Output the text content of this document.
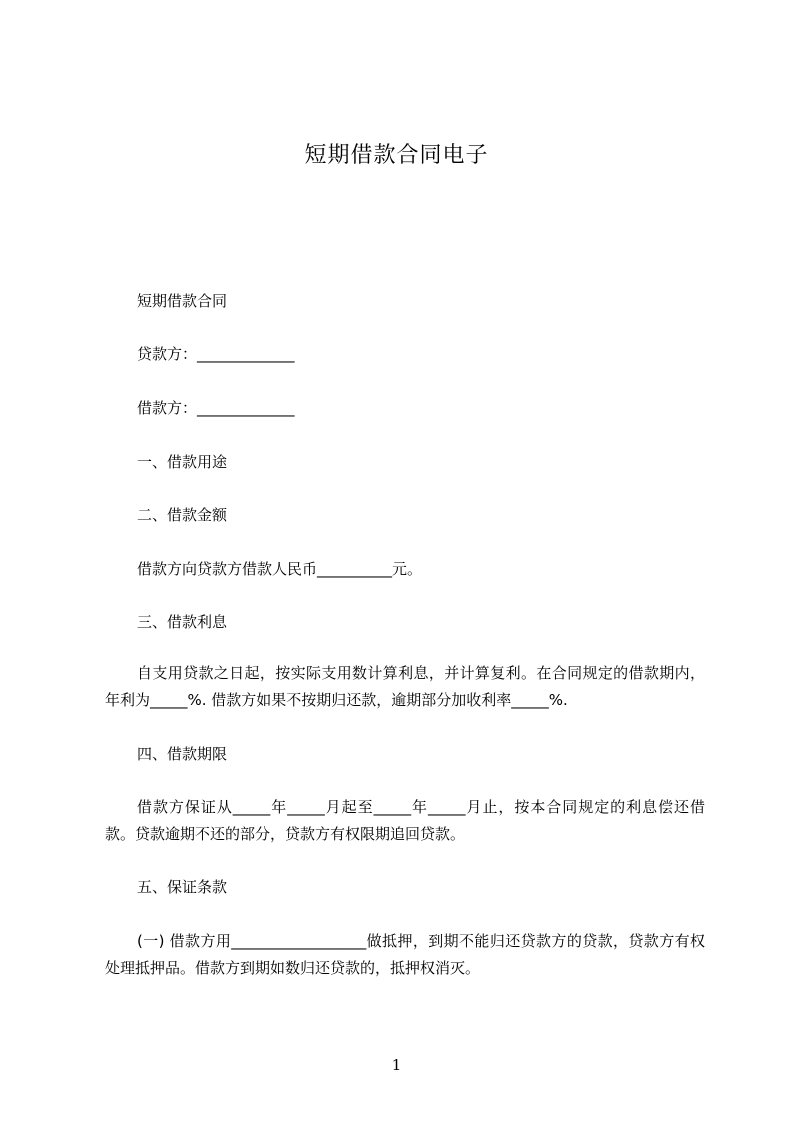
短期借款合同电子
短期借款合同
贷款方：_____________
借款方：_____________
一、借款用途
二、借款金额
借款方向贷款方借款人民币__________元。
三、借款利息
自支用贷款之日起，按实际支用数计算利息，并计算复利。在合同规定的借款期内，年利为_____%. 借款方如果不按期归还款，逾期部分加收利率_____%.
四、借款期限
借款方保证从_____年_____月起至_____年_____月止，按本合同规定的利息偿还借款。贷款逾期不还的部分，贷款方有权限期追回贷款。
五、保证条款
(一) 借款方用__________________做抵押，到期不能归还贷款方的贷款，贷款方有权处理抵押品。借款方到期如数归还贷款的，抵押权消灭。
1
